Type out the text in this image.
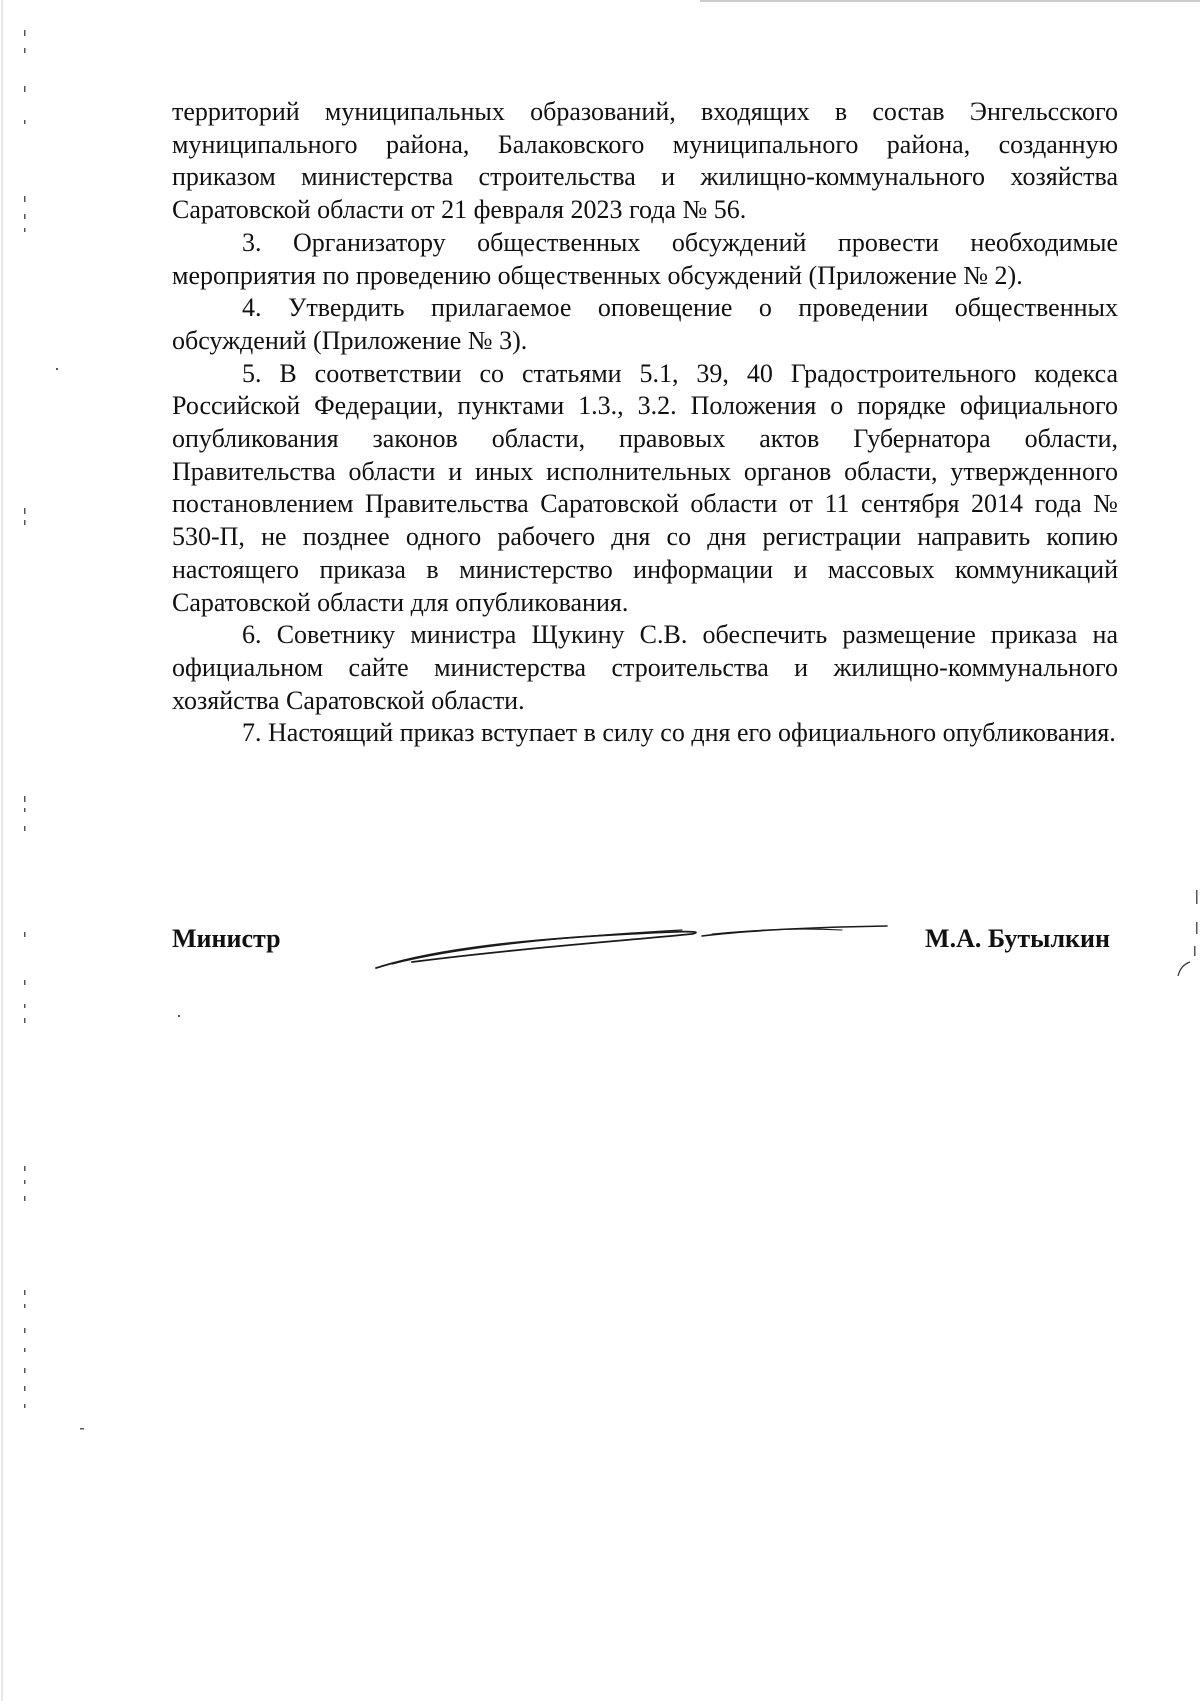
территорий муниципальных образований, входящих в состав Энгельсского муниципального района, Балаковского муниципального района, созданную приказом министерства строительства и жилищно-коммунального хозяйства Саратовской области от 21 февраля 2023 года № 56.

3. Организатору общественных обсуждений провести необходимые мероприятия по проведению общественных обсуждений (Приложение № 2).

4. Утвердить прилагаемое оповещение о проведении общественных обсуждений (Приложение № 3).

5. В соответствии со статьями 5.1, 39, 40 Градостроительного кодекса Российской Федерации, пунктами 1.3., 3.2. Положения о порядке официального опубликования законов области, правовых актов Губернатора области, Правительства области и иных исполнительных органов области, утвержденного постановлением Правительства Саратовской области от 11 сентября 2014 года № 530-П, не позднее одного рабочего дня со дня регистрации направить копию настоящего приказа в министерство информации и массовых коммуникаций Саратовской области для опубликования.

6. Советнику министра Щукину С.В. обеспечить размещение приказа на официальном сайте министерства строительства и жилищно-коммунального хозяйства Саратовской области.

7. Настоящий приказ вступает в силу со дня его официального опубликования.

Министр	М.А. Бутылкин
